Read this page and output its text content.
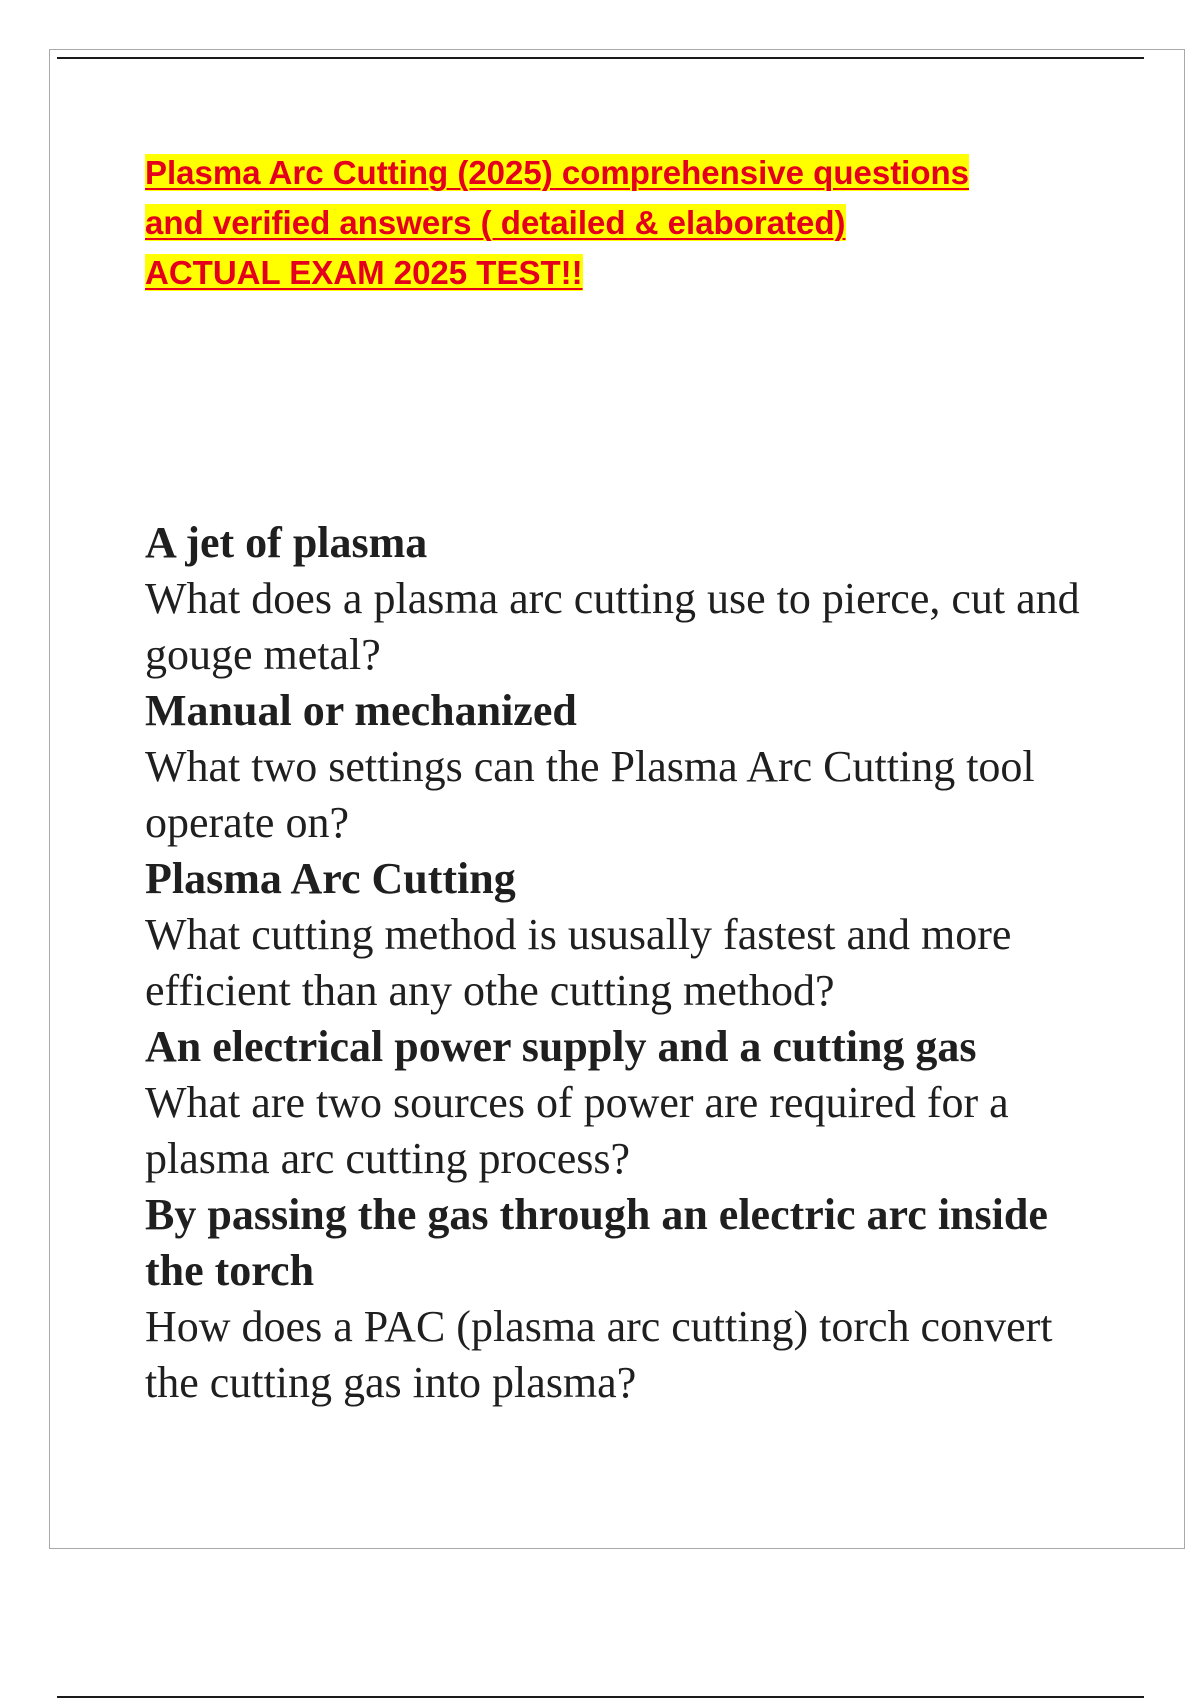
Plasma Arc Cutting (2025) comprehensive questions
and verified answers ( detailed & elaborated)
ACTUAL EXAM 2025 TEST!!
A jet of plasma
What does a plasma arc cutting use to pierce, cut and gouge metal?
Manual or mechanized
What two settings can the Plasma Arc Cutting tool operate on?
Plasma Arc Cutting
What cutting method is ususally fastest and more efficient than any othe cutting method?
An electrical power supply and a cutting gas
What are two sources of power are required for a plasma arc cutting process?
By passing the gas through an electric arc inside the torch
How does a PAC (plasma arc cutting) torch convert the cutting gas into plasma?
